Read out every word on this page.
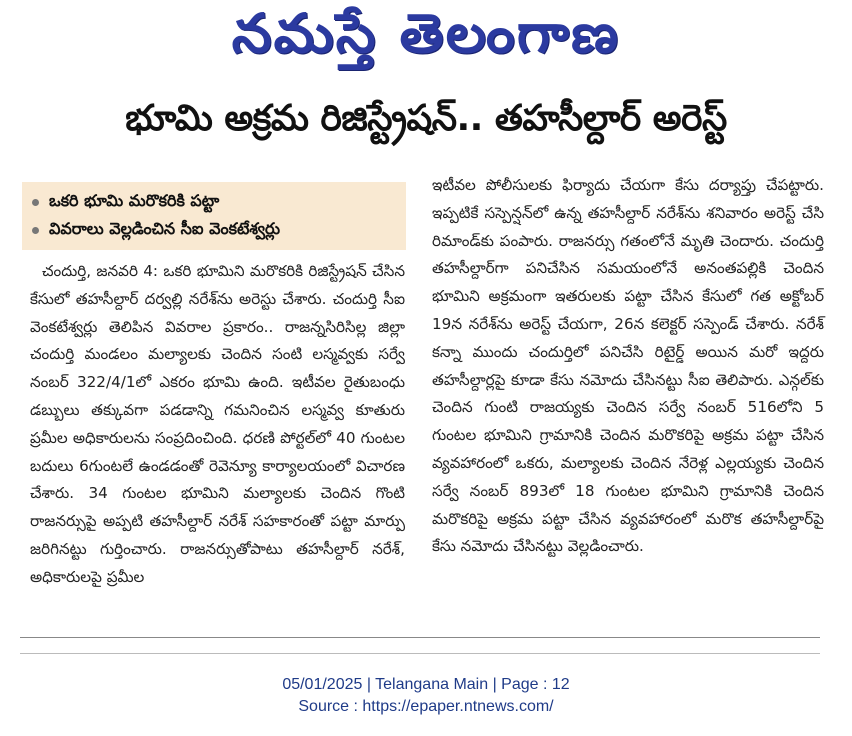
నమస్తే తెలంగాణ
భూమి అక్రమ రిజిస్ట్రేషన్.. తహసీల్దార్ అరెస్ట్
ఒకరి భూమి మరొకరికి పట్టా
వివరాలు వెల్లడించిన సీఐ వెంకటేశ్వర్లు
చందుర్తి, జనవరి 4: ఒకరి భూమిని మరొకరికి రిజిస్ట్రేషన్ చేసిన కేసులో తహసీల్దార్ దర్వల్లి నరేశ్‌ను అరెస్టు చేశారు. చందుర్తి సీఐ వెంకటేశ్వర్లు తెలిపిన వివరాల ప్రకారం.. రాజన్నసిరిసిల్ల జిల్లా చందుర్తి మండలం మల్యాలకు చెందిన సంటి లస్మవ్వకు సర్వే నంబర్ 322/4/1లో ఎకరం భూమి ఉంది. ఇటీవల రైతుబంధు డబ్బులు తక్కువగా పడడాన్ని గమనించిన లస్మవ్వ కూతురు ప్రమీల అధికారులను సంప్రదించింది. ధరణి పోర్టల్‌లో 40 గుంటల బదులు 6గుంటలే ఉండడంతో రెవెన్యూ కార్యాలయంలో విచారణ చేశారు. 34 గుంటల భూమిని మల్యాలకు చెందిన గొంటి రాజనర్సుపై అప్పటి తహసీల్దార్ నరేశ్ సహకారంతో పట్టా మార్పు జరిగినట్టు గుర్తించారు. రాజనర్సుతోపాటు తహసీల్దార్ నరేశ్, అధికారులపై ప్రమీల
ఇటీవల పోలీసులకు ఫిర్యాదు చేయగా కేసు దర్యాప్తు చేపట్టారు. ఇప్పటికే సస్పెన్షన్‌లో ఉన్న తహసీల్దార్ నరేశ్‌ను శనివారం అరెస్ట్ చేసి రిమాండ్‌కు పంపారు. రాజనర్సు గతంలోనే మృతి చెందారు. చందుర్తి తహసీల్దార్‌గా పనిచేసిన సమయంలోనే అనంతపల్లికి చెందిన భూమిని అక్రమంగా ఇతరులకు పట్టా చేసిన కేసులో గత అక్టోబర్ 19న నరేశ్‌ను అరెస్ట్ చేయగా, 26న కలెక్టర్ సస్పెండ్ చేశారు. నరేశ్ కన్నా ముందు చందుర్తిలో పనిచేసి రిటైర్డ్ అయిన మరో ఇద్దరు తహసీల్దార్లపై కూడా కేసు నమోదు చేసినట్టు సీఐ తెలిపారు. ఎన్గల్‌కు చెందిన గుంటి రాజయ్యకు చెందిన సర్వే నంబర్ 516లోని 5 గుంటల భూమిని గ్రామానికి చెందిన మరొకరిపై అక్రమ పట్టా చేసిన వ్యవహారంలో ఒకరు, మల్యాలకు చెందిన నేరెళ్ల ఎల్లయ్యకు చెందిన సర్వే నంబర్ 893లో 18 గుంటల భూమిని గ్రామానికి చెందిన మరొకరిపై అక్రమ పట్టా చేసిన వ్యవహారంలో మరొక తహసీల్దార్‌పై కేసు నమోదు చేసినట్టు వెల్లడించారు.
05/01/2025 | Telangana Main | Page : 12
Source : https://epaper.ntnews.com/
